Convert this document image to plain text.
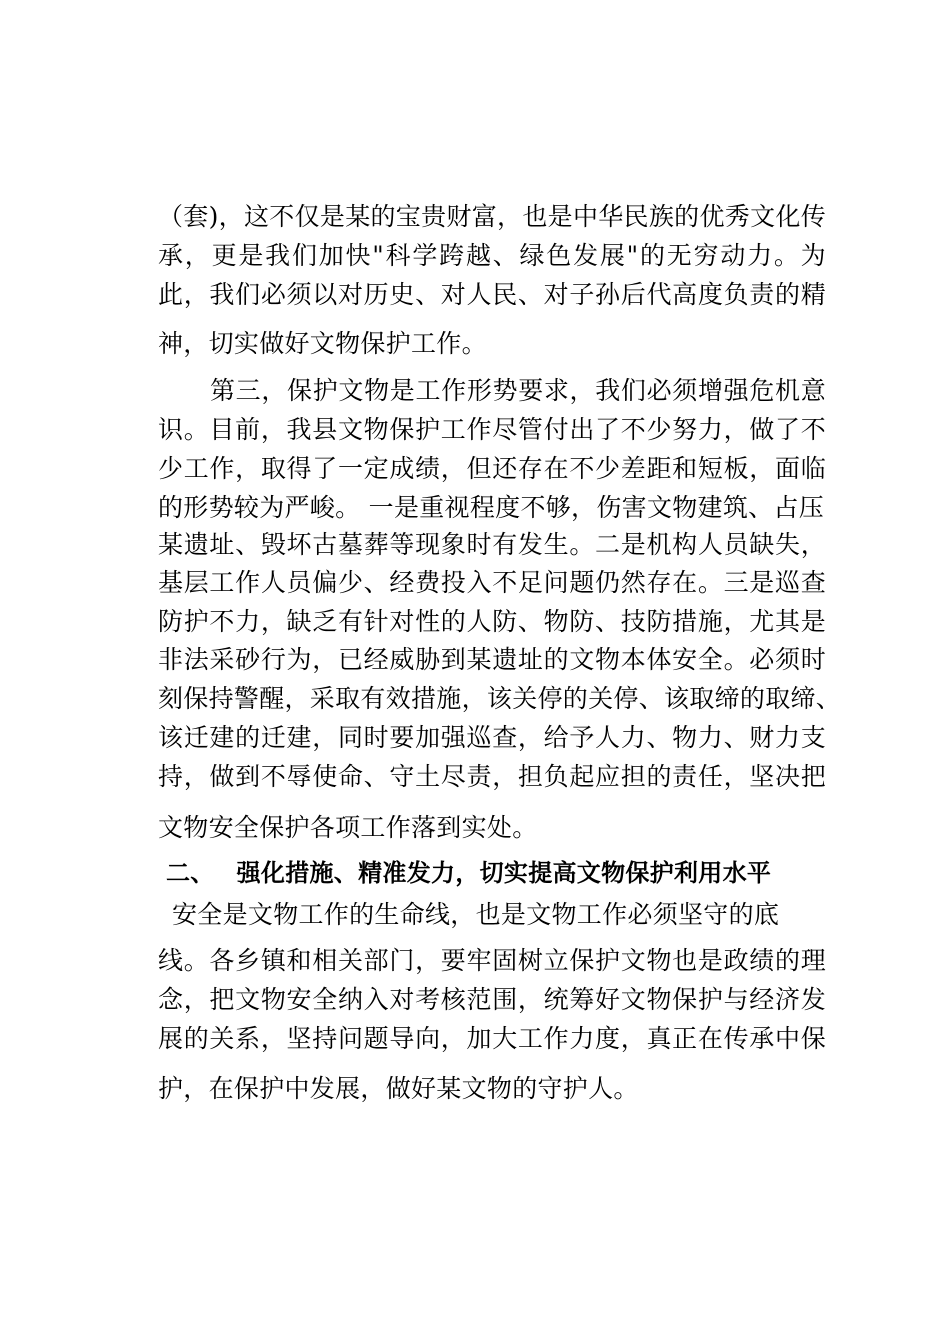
（套)，这不仅是某的宝贵财富，也是中华民族的优秀文化传
承，更是我们加快"科学跨越、绿色发展"的无穷动力。为
此，我们必须以对历史、对人民、对子孙后代高度负责的精
神，切实做好文物保护工作。
第三，保护文物是工作形势要求，我们必须增强危机意
识。目前，我县文物保护工作尽管付出了不少努力，做了不
少工作，取得了一定成绩，但还存在不少差距和短板，面临
的形势较为严峻。 一是重视程度不够，伤害文物建筑、占压
某遗址、毁坏古墓葬等现象时有发生。二是机构人员缺失，
基层工作人员偏少、经费投入不足问题仍然存在。三是巡查
防护不力，缺乏有针对性的人防、物防、技防措施，尤其是
非法采砂行为，已经威胁到某遗址的文物本体安全。必须时
刻保持警醒，采取有效措施，该关停的关停、该取缔的取缔、
该迁建的迁建，同时要加强巡查，给予人力、物力、财力支
持，做到不辱使命、守土尽责，担负起应担的责任，坚决把
文物安全保护各项工作落到实处。
二、 强化措施、精准发力，切实提高文物保护利用水平
安全是文物工作的生命线，也是文物工作必须坚守的底
线。各乡镇和相关部门，要牢固树立保护文物也是政绩的理
念，把文物安全纳入对考核范围，统筹好文物保护与经济发
展的关系，坚持问题导向，加大工作力度，真正在传承中保
护，在保护中发展，做好某文物的守护人。
